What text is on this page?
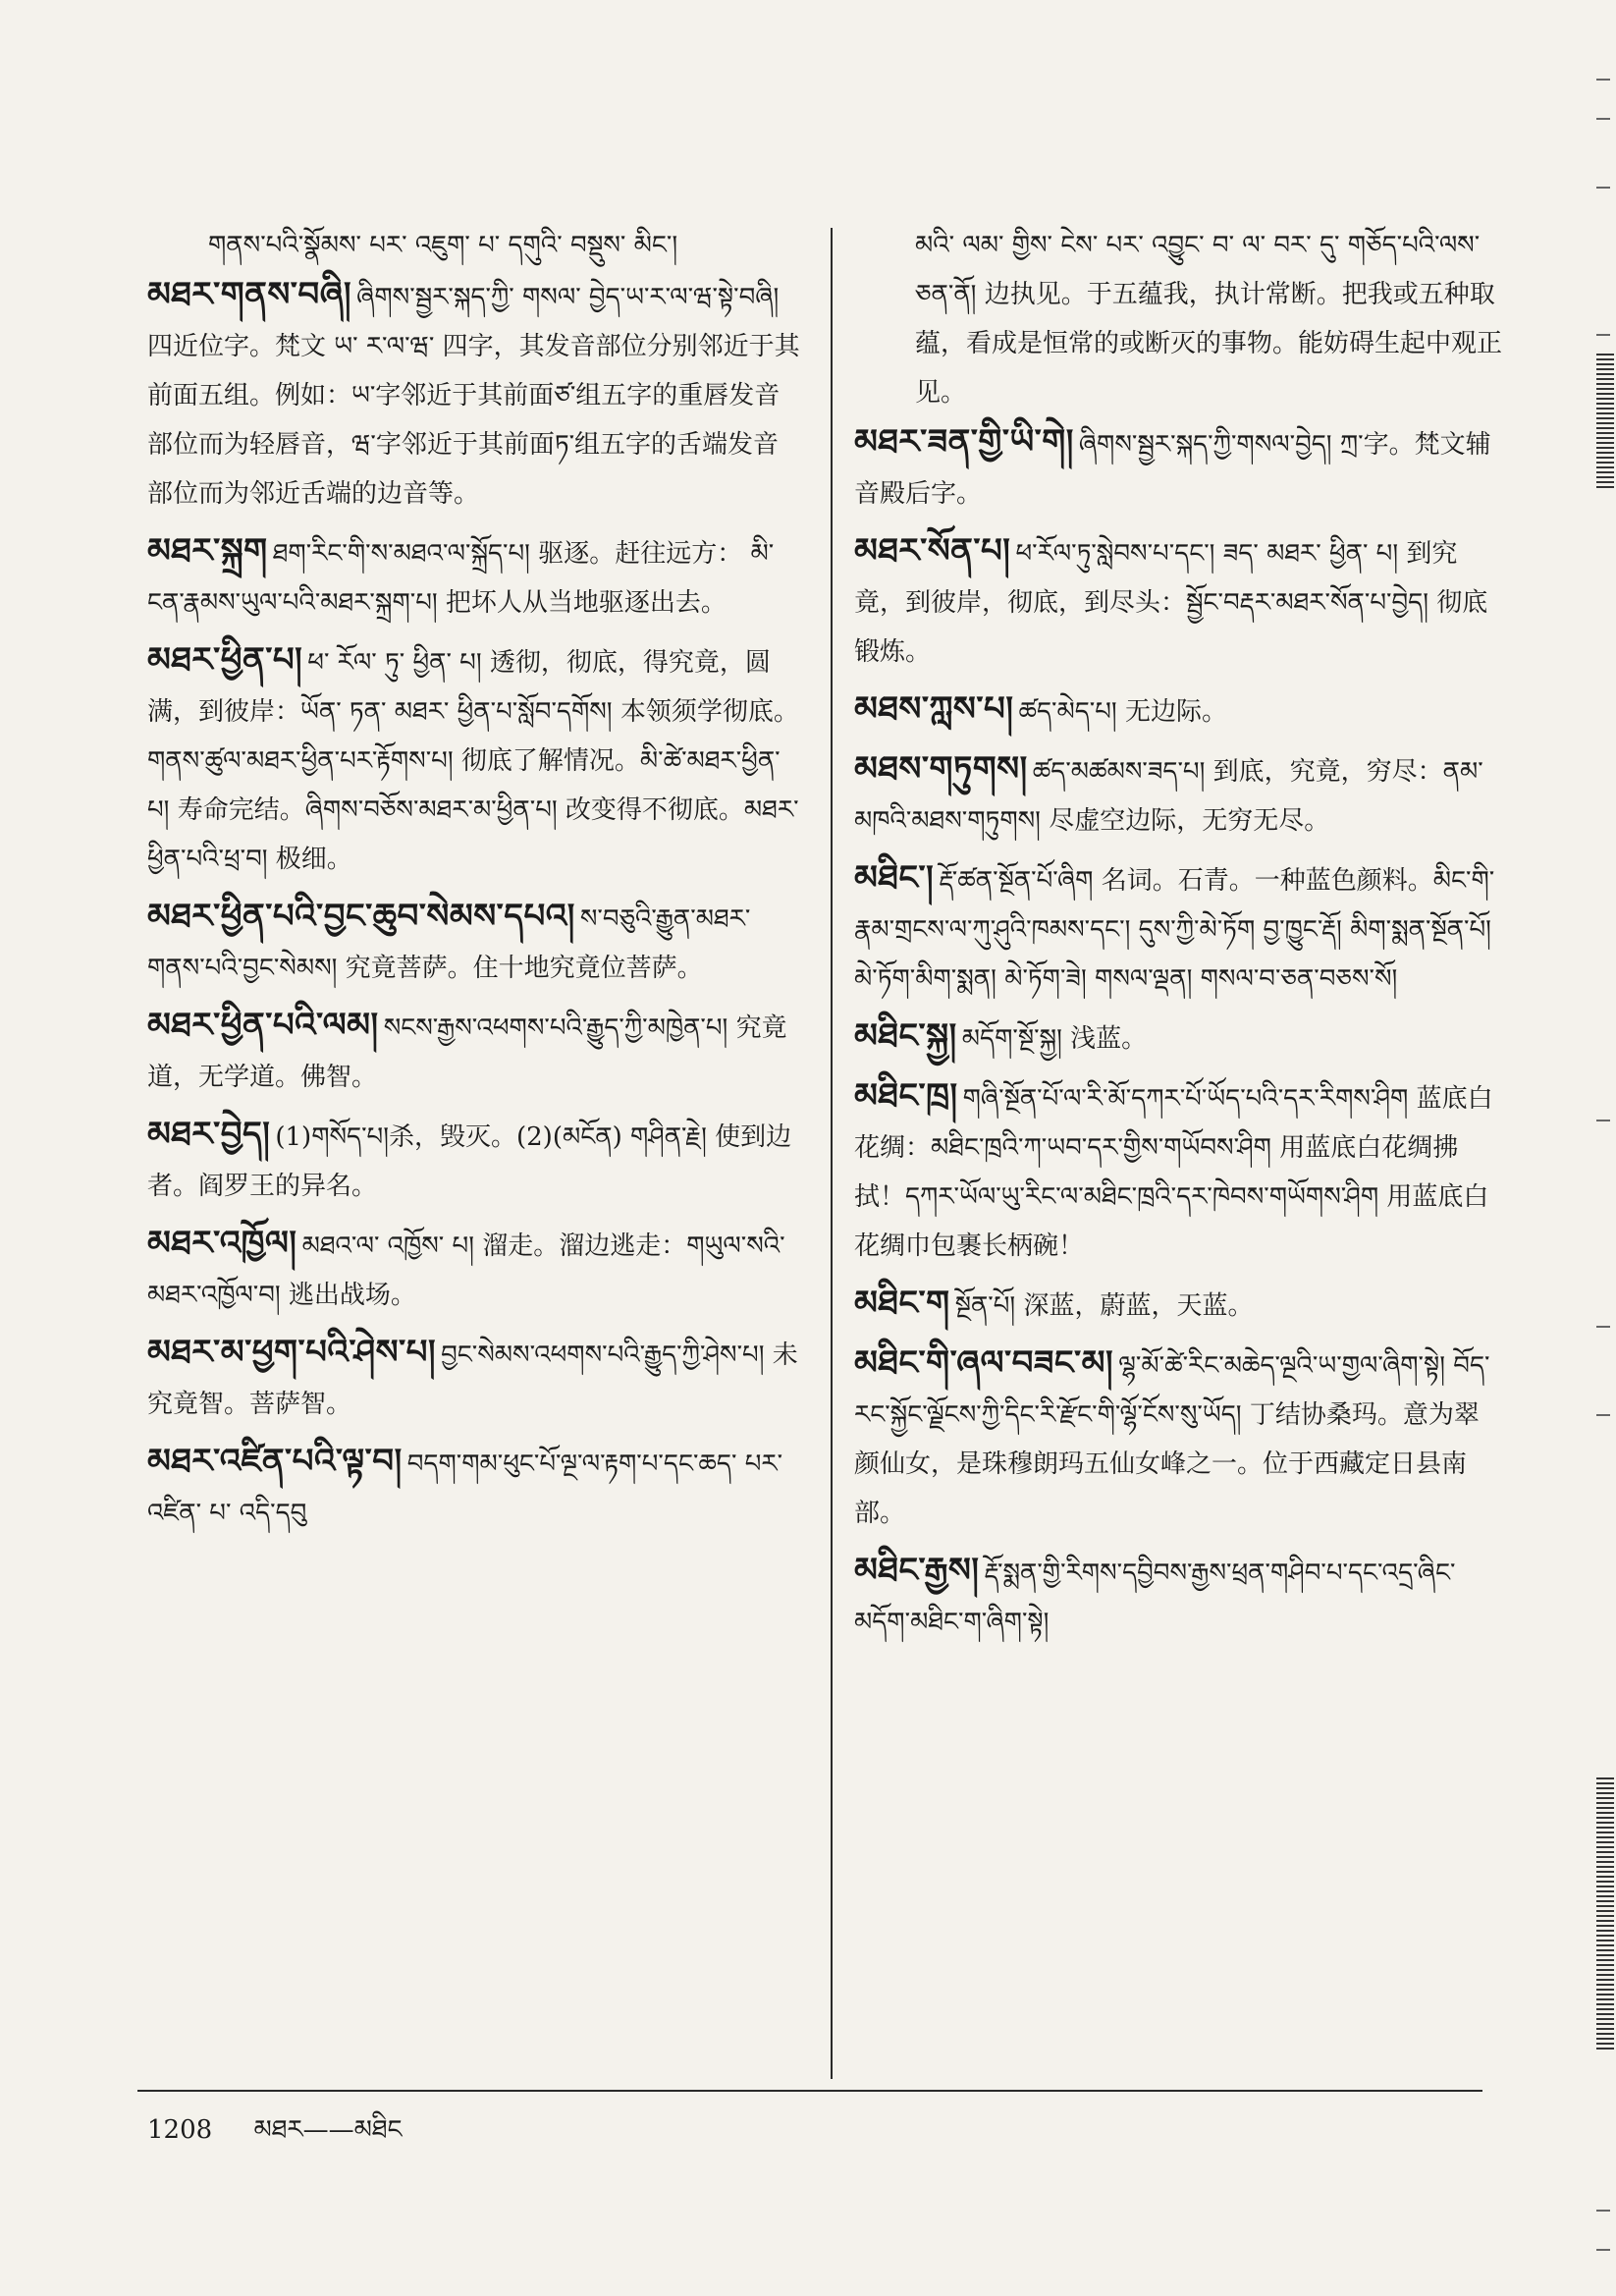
གནས་པའི་སྣོམས་ པར་ འཇུག་ པ་ དགུའི་ བསྡུས་ མིང་།
མཐར་གནས་བཞི། ཞིགས་སྦྱར་སྐད་ཀྱི་ གསལ་ བྱེད་ཡ་ར་ལ་ཝ་སྟེ་བཞི། 四近位字。梵文 ཡ་ ར་ལ་ཝ་ 四字，其发音部位分别邻近于其前面五组。例如：ཡ་字邻近于其前面ཙ་组五字的重唇发音部位而为轻唇音，ཝ་字邻近于其前面ཏ་组五字的舌端发音部位而为邻近舌端的边音等。
མཐར་སྐྲག ཐག་རིང་གི་ས་མཐའ་ལ་སྐྲོད་པ། 驱逐。赶往远方： མི་ངན་རྣམས་ཡུལ་པའི་མཐར་སྐྲག་པ། 把坏人从当地驱逐出去。
མཐར་ཕྱིན་པ། ཕ་ རོལ་ ཏུ་ ཕྱིན་ པ། 透彻，彻底，得究竟，圆满，到彼岸：ཡོན་ ཏན་ མཐར་ ཕྱིན་པ་སློབ་དགོས། 本领须学彻底。གནས་ཚུལ་མཐར་ཕྱིན་པར་རྟོགས་པ། 彻底了解情况。མི་ཚེ་མཐར་ཕྱིན་པ། 寿命完结。ཞིགས་བཅོས་མཐར་མ་ཕྱིན་པ། 改变得不彻底。མཐར་ཕྱིན་པའི་ཕྲ་བ། 极细。
མཐར་ཕྱིན་པའི་བྱང་ཆུབ་སེམས་དཔའ། ས་བཅུའི་རྒྱུན་མཐར་གནས་པའི་བྱང་སེམས། 究竟菩萨。住十地究竟位菩萨。
མཐར་ཕྱིན་པའི་ལམ། སངས་རྒྱས་འཕགས་པའི་རྒྱུད་ཀྱི་མཁྱེན་པ། 究竟道，无学道。佛智。
མཐར་བྱེད། (1)གསོད་པ།杀，毁灭。(2)(མངོན) གཤིན་རྗེ། 使到边者。阎罗王的异名。
མཐར་འཁྱོལ། མཐའ་ལ་ འཁྱོས་ པ། 溜走。溜边逃走：གཡུལ་སའི་མཐར་འཁྱོལ་བ། 逃出战场。
མཐར་མ་ཕྱག་པའི་ཤེས་པ། བྱང་སེམས་འཕགས་པའི་རྒྱུད་ཀྱི་ཤེས་པ། 未究竟智。菩萨智。
མཐར་འཛིན་པའི་ལྟ་བ། བདག་གམ་ཕུང་པོ་ལྔ་ལ་རྟག་པ་དང་ཆད་ པར་ འཛིན་ པ་ འདི་དབུ
མའི་ ལམ་ གྱིས་ ངེས་ པར་ འབྱུང་ བ་ ལ་ བར་ དུ་ གཅོད་པའི་ལས་ཅན་ནོ། 边执见。于五蕴我，执计常断。把我或五种取蕴，看成是恒常的或断灭的事物。能妨碍生起中观正见。
མཐར་ཟན་གྱི་ཡི་གེ། ཞིགས་སྦྱར་སྐད་ཀྱི་གསལ་བྱེད། ཀྲ་字。梵文辅音殿后字。
མཐར་སོན་པ། ཕ་རོལ་ཏུ་སླེབས་པ་དང་། ཟད་ མཐར་ ཕྱིན་ པ། 到究竟，到彼岸，彻底，到尽头：སྦྱོང་བརྡར་མཐར་སོན་པ་བྱེད། 彻底锻炼。
མཐས་ཀླས་པ། ཚད་མེད་པ། 无边际。
མཐས་གཏུགས། ཚད་མཚམས་ཟད་པ། 到底，究竟，穷尽：ནམ་མཁའི་མཐས་གཏུགས། 尽虚空边际，无穷无尽。
མཐིང་། རྡོ་ཚན་སྔོན་པོ་ཞིག 名词。石青。一种蓝色颜料。མིང་གི་རྣམ་གྲངས་ལ་ཀུ་ཤུའི་ཁམས་དང་། དུས་ཀྱི་མེ་ཏོག བྱ་ཁྱུང་རྡོ། མིག་སྨན་སྔོན་པོ། མེ་ཏོག་མིག་སྨན། མེ་ཏོག་ཟེ། གསལ་ལྡན། གསལ་བ་ཅན་བཅས་སོ།
མཐིང་སྐྱ། མདོག་སྔོ་སྐྱ། 浅蓝。
མཐིང་ཁྲ། གཞི་སྔོན་པོ་ལ་རི་མོ་དཀར་པོ་ཡོད་པའི་དར་རིགས་ཤིག 蓝底白花绸：མཐིང་ཁྲའི་ཀ་ཡབ་དར་གྱིས་གཡོབས་ཤིག 用蓝底白花绸拂拭！དཀར་ཡོལ་ཡུ་རིང་ལ་མཐིང་ཁྲའི་དར་ཁེབས་གཡོགས་ཤིག 用蓝底白花绸巾包裹长柄碗！
མཐིང་ག སྔོན་པོ། 深蓝，蔚蓝，天蓝。
མཐིང་གི་ཞལ་བཟང་མ། ལྷ་མོ་ཚེ་རིང་མཆེད་ལྔའི་ཡ་གྱལ་ཞིག་སྟེ། བོད་རང་སྐྱོང་ལྗོངས་ཀྱི་དིང་རི་རྫོང་གི་ལྷོ་ངོས་སུ་ཡོད། 丁结协桑玛。意为翠颜仙女，是珠穆朗玛五仙女峰之一。位于西藏定日县南部。
མཐིང་རྒྱས། རྡོ་སྨན་གྱི་རིགས་དབྱིབས་རྒྱས་ཕྲན་གཤིབ་པ་དང་འདྲ་ཞིང་མདོག་མཐིང་ག་ཞིག་སྟེ།
1208 མཐར——མཐིང
